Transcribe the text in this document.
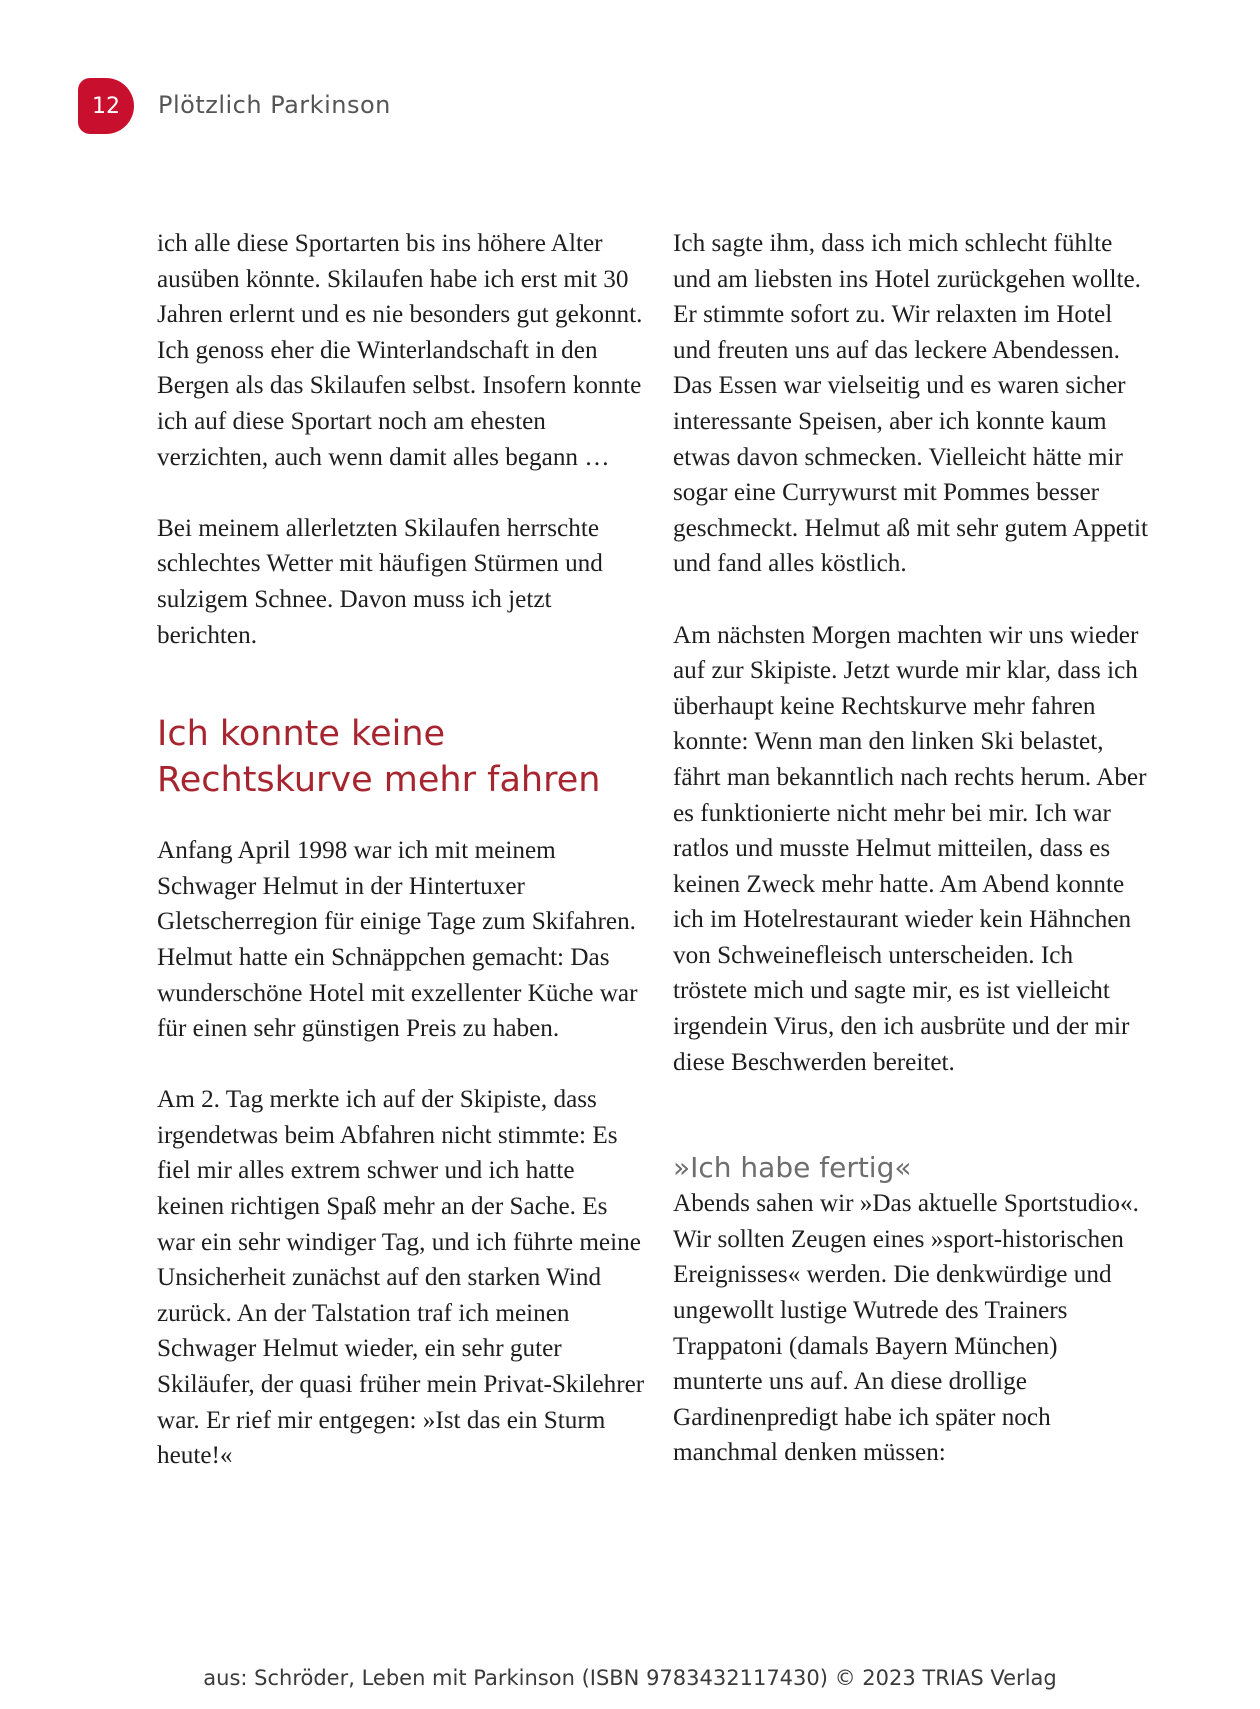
12	Plötzlich Parkinson

ich alle diese Sportarten bis ins höhere Alter ausüben könnte. Skilaufen habe ich erst mit 30 Jahren erlernt und es nie besonders gut gekonnt. Ich genoss eher die Winterlandschaft in den Bergen als das Skilaufen selbst. Insofern konnte ich auf diese Sportart noch am ehesten verzichten, auch wenn damit alles begann …

Bei meinem allerletzten Skilaufen herrschte schlechtes Wetter mit häufigen Stürmen und sulzigem Schnee. Davon muss ich jetzt berichten.

Ich konnte keine Rechtskurve mehr fahren

Anfang April 1998 war ich mit meinem Schwager Helmut in der Hintertuxer Gletscherregion für einige Tage zum Skifahren. Helmut hatte ein Schnäppchen gemacht: Das wunderschöne Hotel mit exzellenter Küche war für einen sehr günstigen Preis zu haben.

Am 2. Tag merkte ich auf der Skipiste, dass irgendetwas beim Abfahren nicht stimmte: Es fiel mir alles extrem schwer und ich hatte keinen richtigen Spaß mehr an der Sache. Es war ein sehr windiger Tag, und ich führte meine Unsicherheit zunächst auf den starken Wind zurück. An der Talstation traf ich meinen Schwager Helmut wieder, ein sehr guter Skiläufer, der quasi früher mein Privat-Skilehrer war. Er rief mir entgegen: »Ist das ein Sturm heute!«

Ich sagte ihm, dass ich mich schlecht fühlte und am liebsten ins Hotel zurückgehen wollte. Er stimmte sofort zu. Wir relaxten im Hotel und freuten uns auf das leckere Abendessen. Das Essen war vielseitig und es waren sicher interessante Speisen, aber ich konnte kaum etwas davon schmecken. Vielleicht hätte mir sogar eine Currywurst mit Pommes besser geschmeckt. Helmut aß mit sehr gutem Appetit und fand alles köstlich.

Am nächsten Morgen machten wir uns wieder auf zur Skipiste. Jetzt wurde mir klar, dass ich überhaupt keine Rechtskurve mehr fahren konnte: Wenn man den linken Ski belastet, fährt man bekanntlich nach rechts herum. Aber es funktionierte nicht mehr bei mir. Ich war ratlos und musste Helmut mitteilen, dass es keinen Zweck mehr hatte. Am Abend konnte ich im Hotelrestaurant wieder kein Hähnchen von Schweinefleisch unterscheiden. Ich tröstete mich und sagte mir, es ist vielleicht irgendein Virus, den ich ausbrüte und der mir diese Beschwerden bereitet.

»Ich habe fertig«

Abends sahen wir »Das aktuelle Sportstudio«. Wir sollten Zeugen eines »sport-historischen Ereignisses« werden. Die denkwürdige und ungewollt lustige Wutrede des Trainers Trappatoni (damals Bayern München) munterte uns auf. An diese drollige Gardinenpredigt habe ich später noch manchmal denken müssen:

aus: Schröder, Leben mit Parkinson (ISBN 9783432117430) © 2023 TRIAS Verlag
